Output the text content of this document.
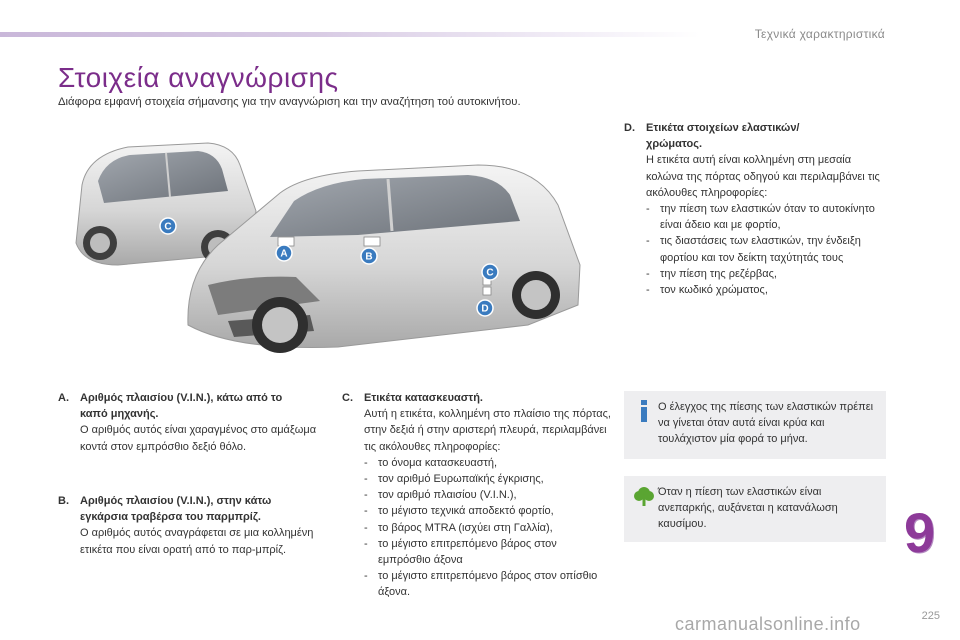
Τεχνικά χαρακτηριστικά
Στοιχεία αναγνώρισης
Διάφορα εμφανή στοιχεία σήμανσης για την αναγνώριση και την αναζήτηση τού αυτοκινήτου.
C
A	B
C
D
A.	Αριθμός πλαισίου (V.I.N.), κάτω από το
καπό μηχανής.
Ο αριθμός αυτός είναι χαραγμένος στο αμάξωμα κοντά στον εμπρόσθιο δεξιό θόλο.
B.	Αριθμός πλαισίου (V.I.N.), στην κάτω
εγκάρσια τραβέρσα του παρμπρίζ.
Ο αριθμός αυτός αναγράφεται σε μια κολλημένη ετικέτα που είναι ορατή από το παρ-μπρίζ.
C.	Ετικέτα κατασκευαστή.
Αυτή η ετικέτα, κολλημένη στο πλαίσιο της πόρτας, στην δεξιά ή στην αριστερή πλευρά, περιλαμβάνει τις ακόλουθες πληροφορίες:
- το όνομα κατασκευαστή,
- τον αριθμό Ευρωπαϊκής έγκρισης,
- τον αριθμό πλαισίου (V.I.N.),
- το μέγιστο τεχνικά αποδεκτό φορτίο,
- το βάρος MTRA (ισχύει στη Γαλλία),
- το μέγιστο επιτρεπόμενο βάρος στον εμπρόσθιο άξονα
- το μέγιστο επιτρεπόμενο βάρος στον οπίσθιο άξονα.
D.	Ετικέτα στοιχείων ελαστικών/
χρώματος.
Η ετικέτα αυτή είναι κολλημένη στη μεσαία κολώνα της πόρτας οδηγού και περιλαμβάνει τις ακόλουθες πληροφορίες:
- την πίεση των ελαστικών όταν το αυτοκίνητο είναι άδειο και με φορτίο,
- τις διαστάσεις των ελαστικών, την ένδειξη φορτίου και τον δείκτη ταχύτητάς τους
- την πίεση της ρεζέρβας,
- τον κωδικό χρώματος,
Ο έλεγχος της πίεσης των ελαστικών πρέπει να γίνεται όταν αυτά είναι κρύα και τουλάχιστον μία φορά το μήνα.
Όταν η πίεση των ελαστικών είναι ανεπαρκής, αυξάνεται η κατανάλωση καυσίμου.	9
225
carmanualsonline.info
